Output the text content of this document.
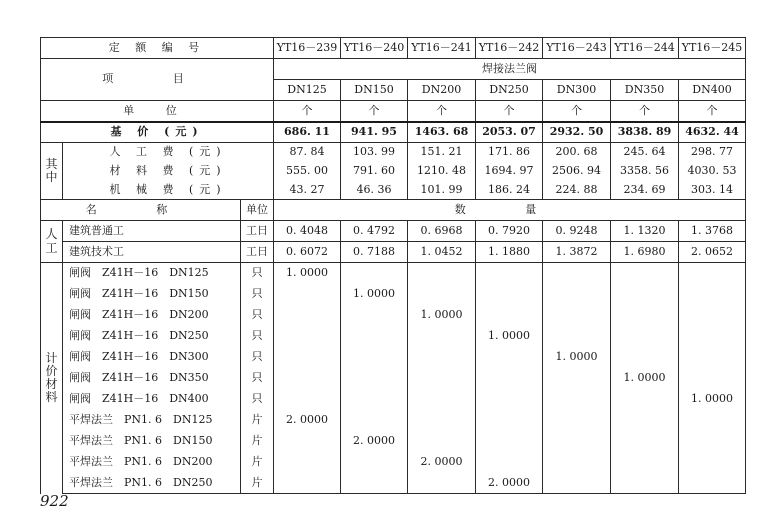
定 额 编 号			YT16－239	YT16－240	YT16－241	YT16－242	YT16－243	YT16－244	YT16－245
项 目			焊接法兰阀						
			DN125	DN150	DN200	DN250	DN300	DN350	DN400
单 位			个	个	个	个	个	个	个
基 价 (元)			686. 11	941. 95	1463. 68	2053. 07	2932. 50	3838. 89	4632. 44
其中	人 工 费 (元)		87. 84	103. 99	151. 21	171. 86	200. 68	245. 64	298. 77
	材 料 费 (元)		555. 00	791. 60	1210. 48	1694. 97	2506. 94	3358. 56	4030. 53
	机 械 费 (元)		43. 27	46. 36	101. 99	186. 24	224. 88	234. 69	303. 14
名 称		单位	数 量						
人工	建筑普通工	工日	0. 4048	0. 4792	0. 6968	0. 7920	0. 9248	1. 1320	1. 3768
	建筑技术工	工日	0. 6072	0. 7188	1. 0452	1. 1880	1. 3872	1. 6980	2. 0652
计价材料	闸阀　Z41H－16　DN125	只	1. 0000						
	闸阀　Z41H－16　DN150	只		1. 0000					
	闸阀　Z41H－16　DN200	只			1. 0000				
	闸阀　Z41H－16　DN250	只				1. 0000			
	闸阀　Z41H－16　DN300	只					1. 0000		
	闸阀　Z41H－16　DN350	只						1. 0000	
	闸阀　Z41H－16　DN400	只							1. 0000
	平焊法兰　PN1. 6　DN125	片	2. 0000						
	平焊法兰　PN1. 6　DN150	片		2. 0000					
	平焊法兰　PN1. 6　DN200	片			2. 0000				
	平焊法兰　PN1. 6　DN250	片				2. 0000			
922
